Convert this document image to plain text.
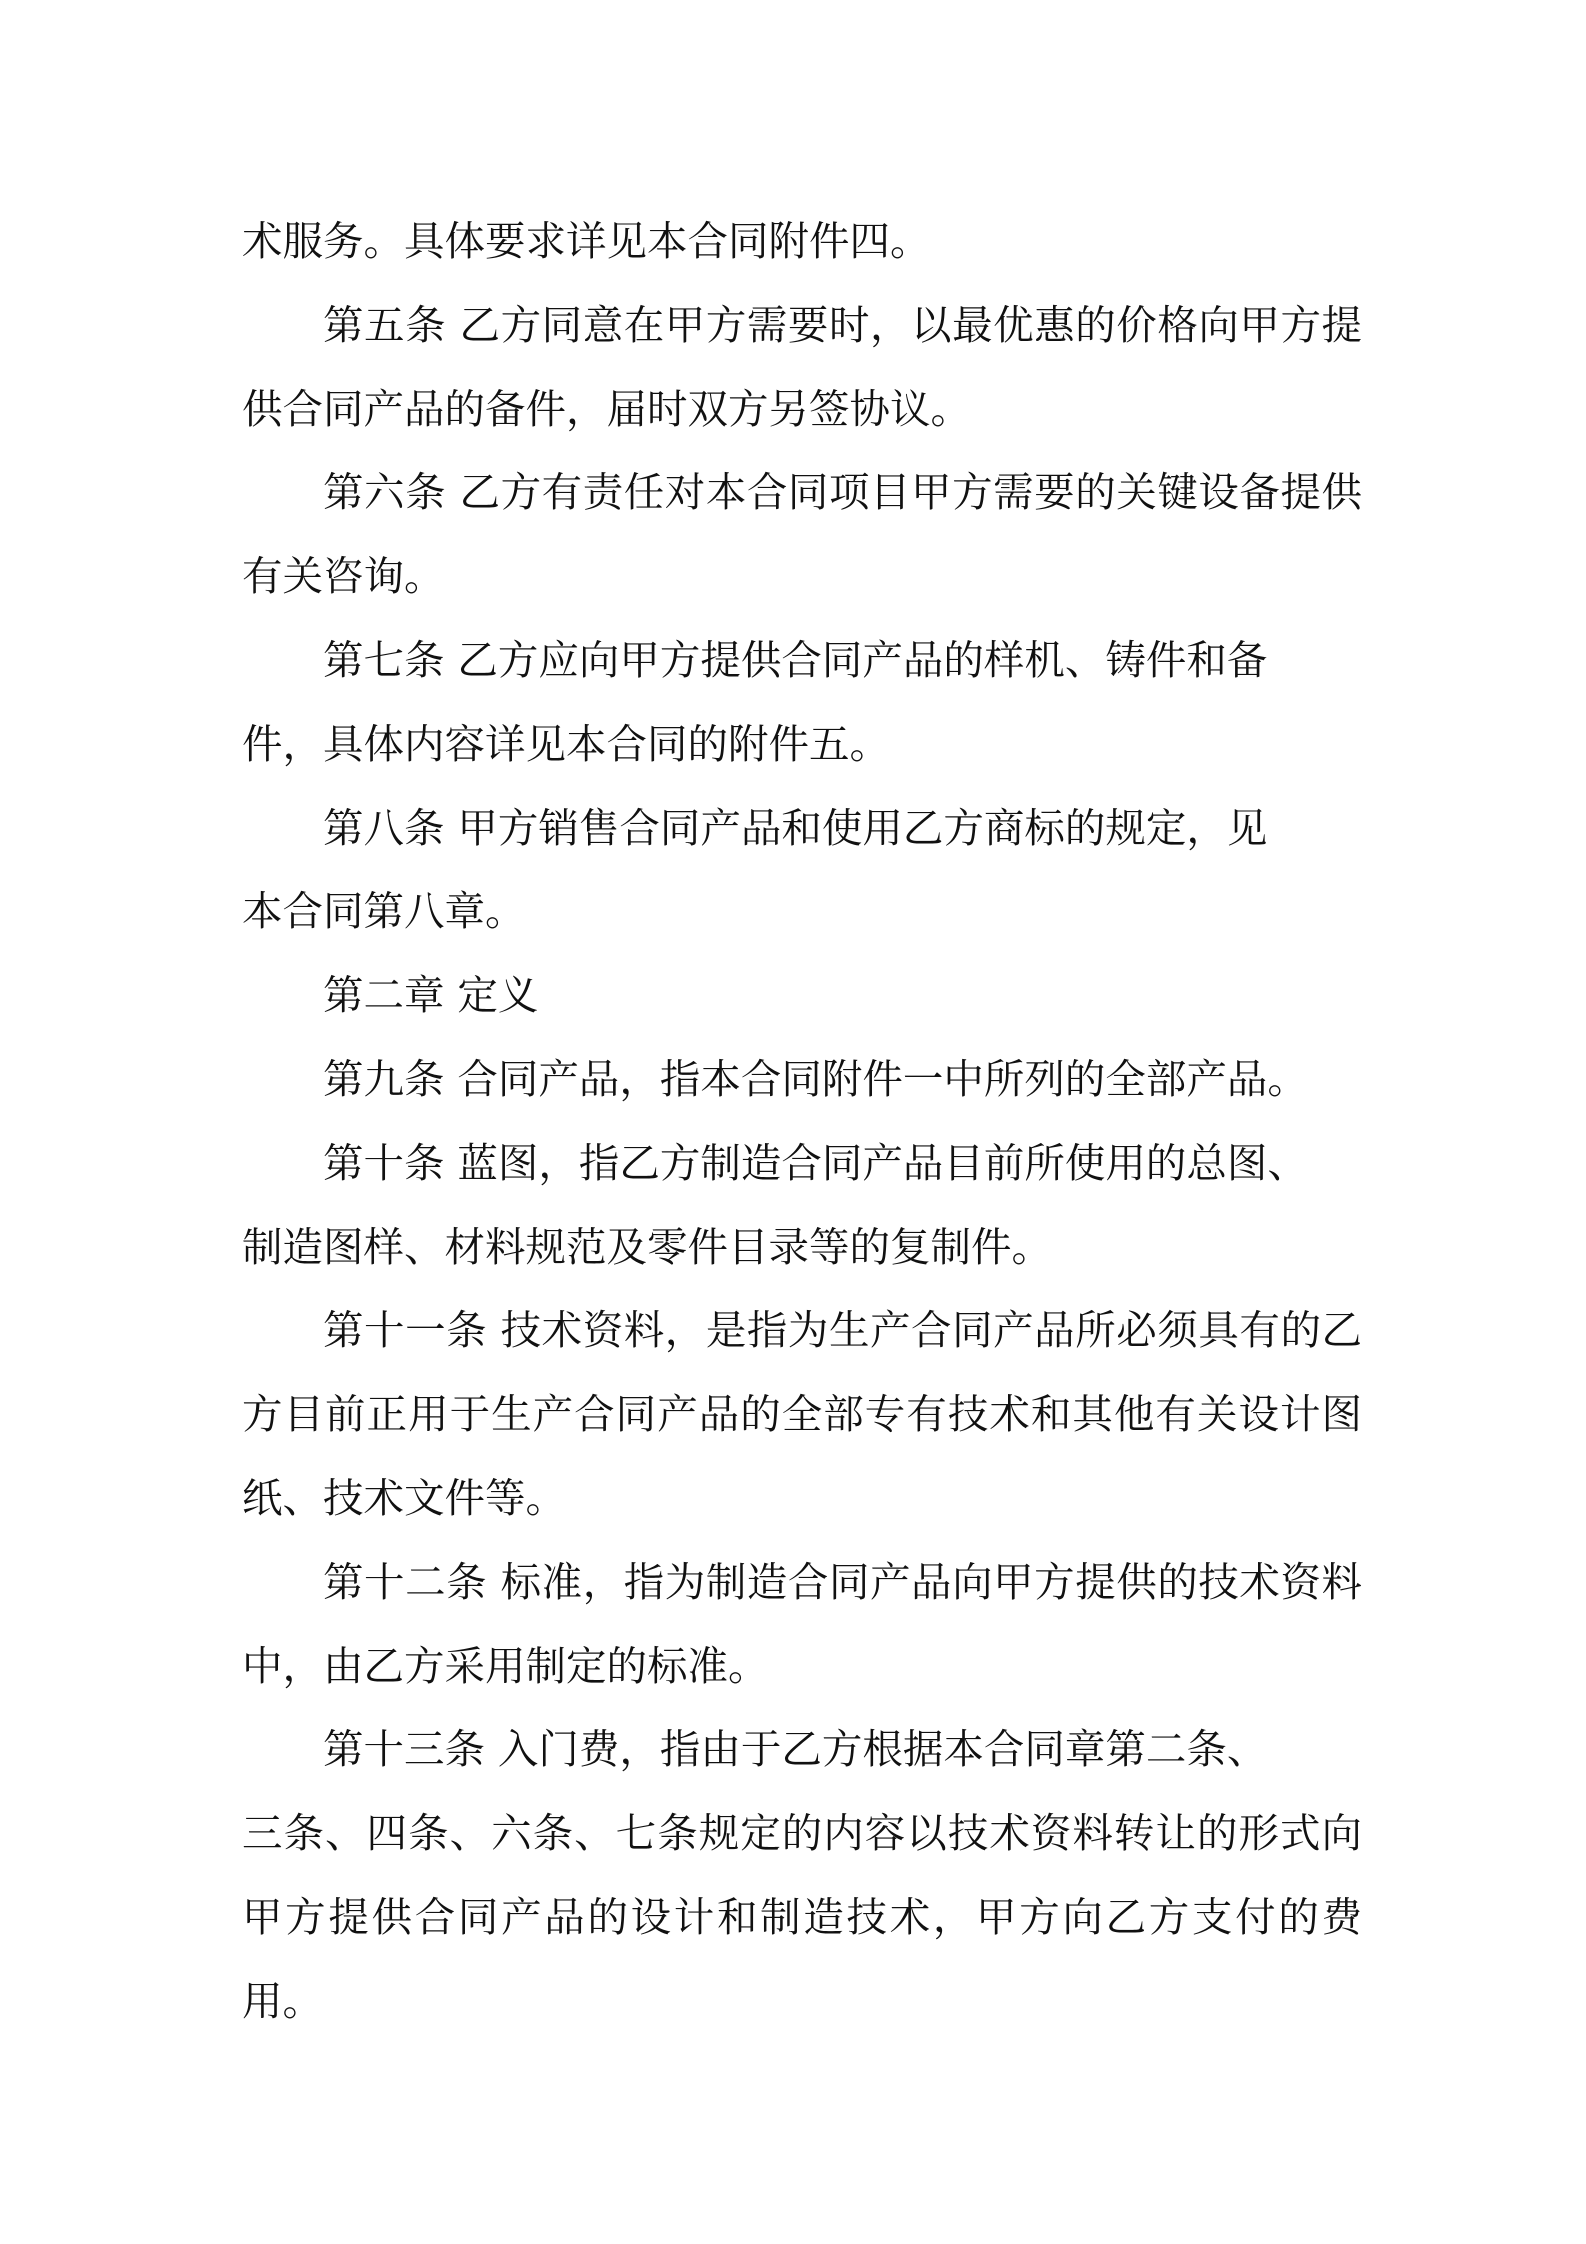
术服务。具体要求详见本合同附件四。

第五条 乙方同意在甲方需要时，以最优惠的价格向甲方提供合同产品的备件，届时双方另签协议。

第六条 乙方有责任对本合同项目甲方需要的关键设备提供有关咨询。

第七条 乙方应向甲方提供合同产品的样机、铸件和备
件，具体内容详见本合同的附件五。

第八条 甲方销售合同产品和使用乙方商标的规定，见
本合同第八章。

第二章 定义

第九条 合同产品，指本合同附件一中所列的全部产品。

第十条 蓝图，指乙方制造合同产品目前所使用的总图、
制造图样、材料规范及零件目录等的复制件。

第十一条 技术资料，是指为生产合同产品所必须具有的乙方目前正用于生产合同产品的全部专有技术和其他有关设计图纸、技术文件等。

第十二条 标准，指为制造合同产品向甲方提供的技术资料中，由乙方采用制定的标准。

第十三条 入门费，指由于乙方根据本合同章第二条、
三条、四条、六条、七条规定的内容以技术资料转让的形式向甲方提供合同产品的设计和制造技术，甲方向乙方支付的费用。
